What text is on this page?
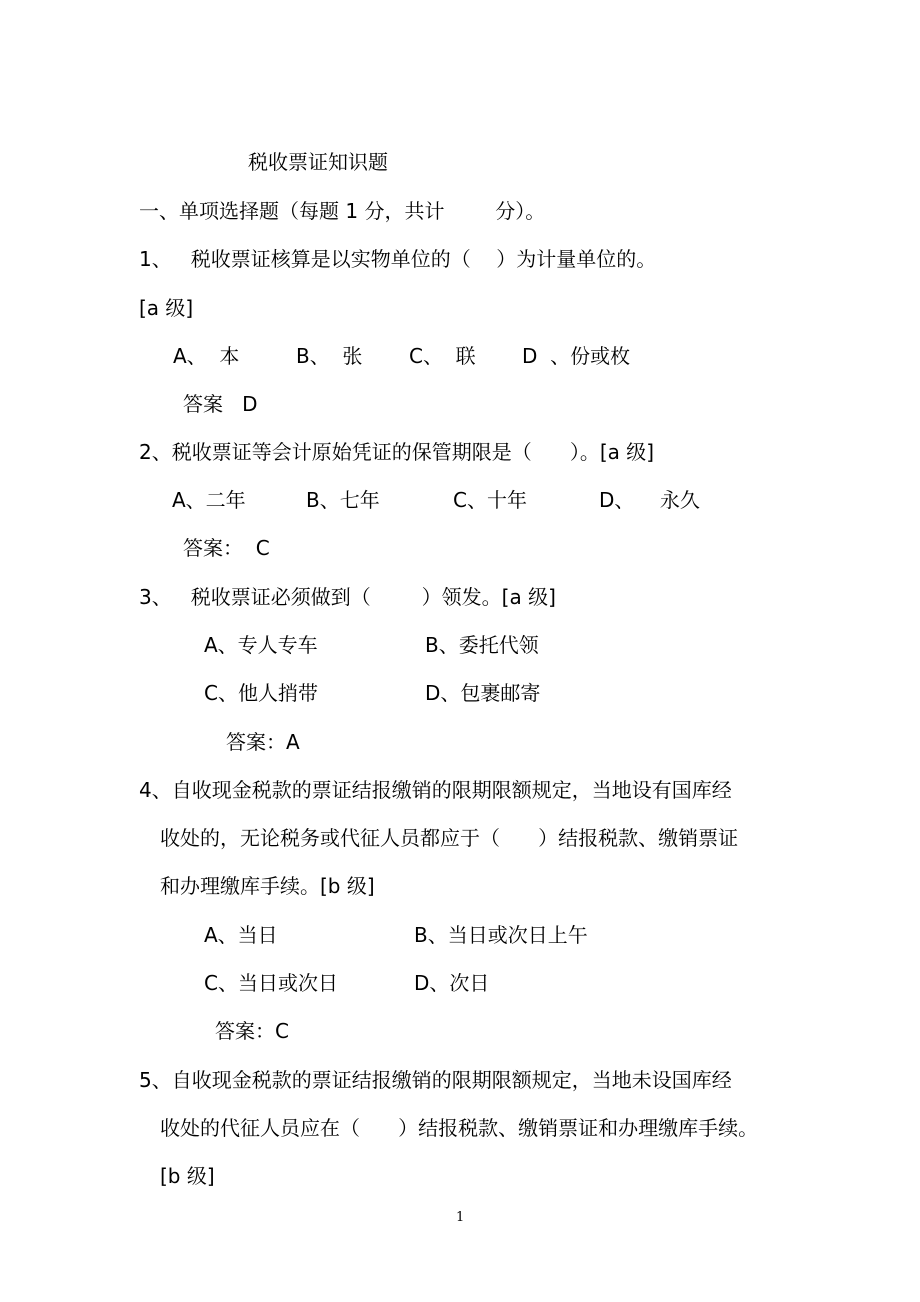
税收票证知识题
一、单项选择题（每题 1 分，共计        分）。
1、   税收票证核算是以实物单位的（    ）为计量单位的。
[a 级]
A、  本	B、  张 C、  联 D  、份或枚
答案   D
2、税收票证等会计原始凭证的保管期限是（      ）。[a 级]
A、二年	B、七年	C、十年	D、    永久
答案：  C
3、   税收票证必须做到（        ）领发。[a 级]
A、专人专车	B、委托代领
C、他人捎带	D、包裹邮寄
答案：A
4、自收现金税款的票证结报缴销的限期限额规定，当地设有国库经
收处的，无论税务或代征人员都应于（      ）结报税款、缴销票证
和办理缴库手续。[b 级]
A、当日	B、当日或次日上午
C、当日或次日	D、次日
答案：C
5、自收现金税款的票证结报缴销的限期限额规定，当地未设国库经
收处的代征人员应在（      ）结报税款、缴销票证和办理缴库手续。
[b 级]
1
